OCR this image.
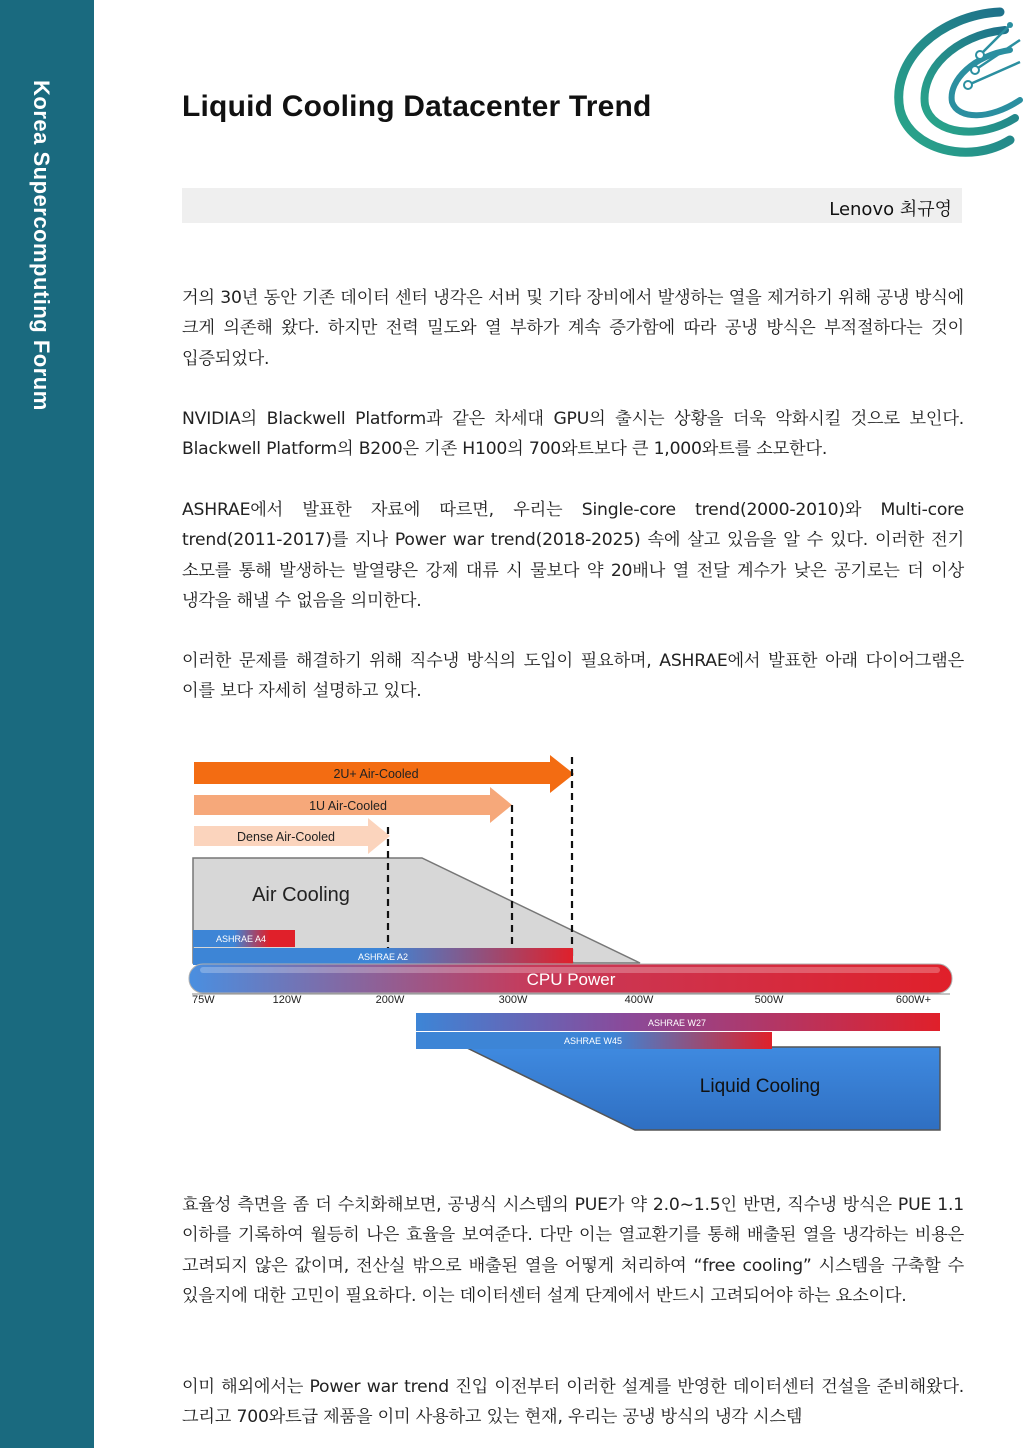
Korea Supercomputing Forum	Liquid Cooling Datacenter Trend
Lenovo 최규영

거의 30년 동안 기존 데이터 센터 냉각은 서버 및 기타 장비에서 발생하는 열을 제거하기 위해 공냉 방식에 크게 의존해 왔다. 하지만 전력 밀도와 열 부하가 계속 증가함에 따라 공냉 방식은 부적절하다는 것이 입증되었다.

NVIDIA의 Blackwell Platform과 같은 차세대 GPU의 출시는 상황을 더욱 악화시킬 것으로 보인다. Blackwell Platform의 B200은 기존 H100의 700와트보다 큰 1,000와트를 소모한다.

ASHRAE에서 발표한 자료에 따르면, 우리는 Single-core trend(2000-2010)와 Multi-core trend(2011-2017)를 지나 Power war trend(2018-2025) 속에 살고 있음을 알 수 있다. 이러한 전기 소모를 통해 발생하는 발열량은 강제 대류 시 물보다 약 20배나 열 전달 계수가 낮은 공기로는 더 이상 냉각을 해낼 수 없음을 의미한다.

이러한 문제를 해결하기 위해 직수냉 방식의 도입이 필요하며, ASHRAE에서 발표한 아래 다이어그램은 이를 보다 자세히 설명하고 있다.

2U+ Air-Cooled
1U Air-Cooled
Dense Air-Cooled
Air Cooling
ASHRAE A4
ASHRAE A2
CPU Power
75W	120W	200W	300W	400W	500W	600W+
ASHRAE W27
ASHRAE W45
Liquid Cooling

효율성 측면을 좀 더 수치화해보면, 공냉식 시스템의 PUE가 약 2.0~1.5인 반면, 직수냉 방식은 PUE 1.1 이하를 기록하여 월등히 나은 효율을 보여준다. 다만 이는 열교환기를 통해 배출된 열을 냉각하는 비용은 고려되지 않은 값이며, 전산실 밖으로 배출된 열을 어떻게 처리하여 “free cooling” 시스템을 구축할 수 있을지에 대한 고민이 필요하다. 이는 데이터센터 설계 단계에서 반드시 고려되어야 하는 요소이다.

이미 해외에서는 Power war trend 진입 이전부터 이러한 설계를 반영한 데이터센터 건설을 준비해왔다. 그리고 700와트급 제품을 이미 사용하고 있는 현재, 우리는 공냉 방식의 냉각 시스템
